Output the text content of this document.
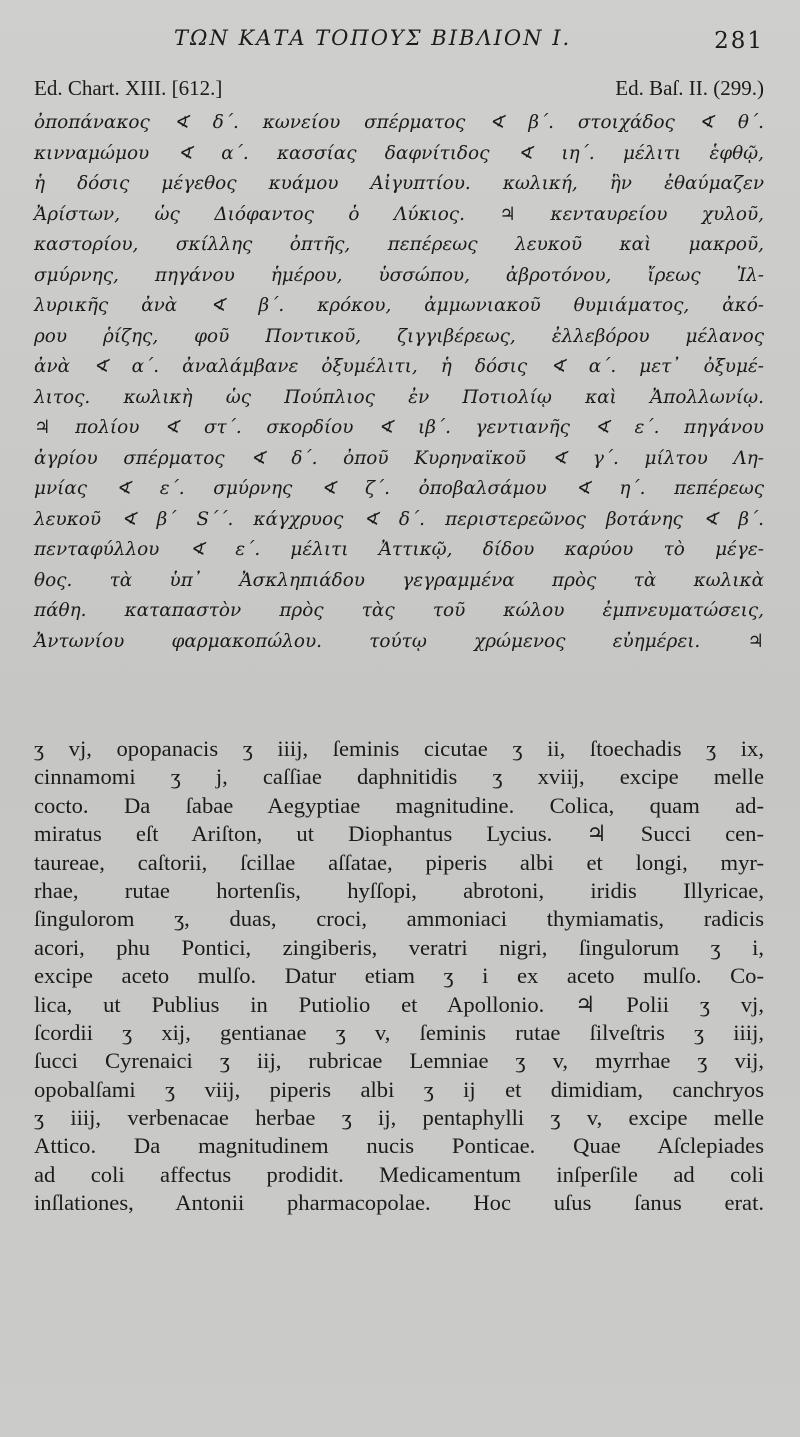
ΤΩΝ ΚΑΤΑ ΤΟΠΟΥΣ ΒΙΒΛΙΟΝ Ι.	281
Ed. Chart. XIII. [612.]	Ed. Baſ. II. (299.)
ὀποπάνακος ∢ δ΄. κωνείου σπέρματος ∢ β΄. στοιχάδος ∢ θ΄.
κινναμώμου ∢ α΄. κασσίας δαφνίτιδος ∢ ιη΄. μέλιτι ἑφθῷ,
ἡ δόσις μέγεθος κυάμου Αἰγυπτίου. κωλική, ἣν ἐθαύμαζεν
Ἀρίστων, ὡς Διόφαντος ὁ Λύκιος. ♃ κενταυρείου χυλοῦ,
καστορίου, σκίλλης ὀπτῆς, πεπέρεως λευκοῦ καὶ μακροῦ,
σμύρνης, πηγάνου ἡμέρου, ὑσσώπου, ἀβροτόνου, ἴρεως Ἰλ-
λυρικῆς ἀνὰ ∢ β΄. κρόκου, ἀμμωνιακοῦ θυμιάματος, ἀκό-
ρου ῥίζης, φοῦ Ποντικοῦ, ζιγγιβέρεως, ἐλλεβόρου μέλανος
ἀνὰ ∢ α΄. ἀναλάμβανε ὀξυμέλιτι, ἡ δόσις ∢ α΄. μετ᾽ ὀξυμέ-
λιτος. κωλικὴ ὡς Πούπλιος ἐν Ποτιολίῳ καὶ Ἀπολλωνίῳ.
♃ πολίου ∢ στ΄. σκορδίου ∢ ιβ΄. γεντιανῆς ∢ ε΄. πηγάνου
ἀγρίου σπέρματος ∢ δ΄. ὀποῦ Κυρηναϊκοῦ ∢ γ΄. μίλτου Λη-
μνίας ∢ ε΄. σμύρνης ∢ ζ΄. ὀποβαλσάμου ∢ η΄. πεπέρεως
λευκοῦ ∢ β΄ S΄΄. κάγχρυος ∢ δ΄. περιστερεῶνος βοτάνης ∢ β΄.
πενταφύλλου ∢ ε΄. μέλιτι Ἀττικῷ, δίδου καρύου τὸ μέγε-
θος. τὰ ὑπ᾽ Ἀσκληπιάδου γεγραμμένα πρὸς τὰ κωλικὰ
πάθη. καταπαστὸν πρὸς τὰς τοῦ κώλου ἐμπνευματώσεις,
Ἀντωνίου φαρμακοπώλου. τούτῳ χρώμενος εὐημέρει. ♃
ʒ vj, opopanacis ʒ iiij, ſeminis cicutae ʒ ii, ſtoechadis ʒ ix,
cinnamomi ʒ j, caſſiae daphnitidis ʒ xviij, excipe melle
cocto. Da ſabae Aegyptiae magnitudine. Colica, quam ad-
miratus eſt Ariſton, ut Diophantus Lycius. ♃ Succi cen-
taureae, caſtorii, ſcillae aſſatae, piperis albi et longi, myr-
rhae, rutae hortenſis, hyſſopi, abrotoni, iridis Illyricae,
ſingulorom ʒ, duas, croci, ammoniaci thymiamatis, radicis
acori, phu Pontici, zingiberis, veratri nigri, ſingulorum ʒ i,
excipe aceto mulſo. Datur etiam ʒ i ex aceto mulſo. Co-
lica, ut Publius in Putiolio et Apollonio. ♃ Polii ʒ vj,
ſcordii ʒ xij, gentianae ʒ v, ſeminis rutae ſilveſtris ʒ iiij,
ſucci Cyrenaici ʒ iij, rubricae Lemniae ʒ v, myrrhae ʒ vij,
opobalſami ʒ viij, piperis albi ʒ ij et dimidiam, canchryos
ʒ iiij, verbenacae herbae ʒ ij, pentaphylli ʒ v, excipe melle
Attico. Da magnitudinem nucis Ponticae. Quae Aſclepiades
ad coli affectus prodidit. Medicamentum inſperſile ad coli
inſlationes, Antonii pharmacopolae. Hoc uſus ſanus erat.
